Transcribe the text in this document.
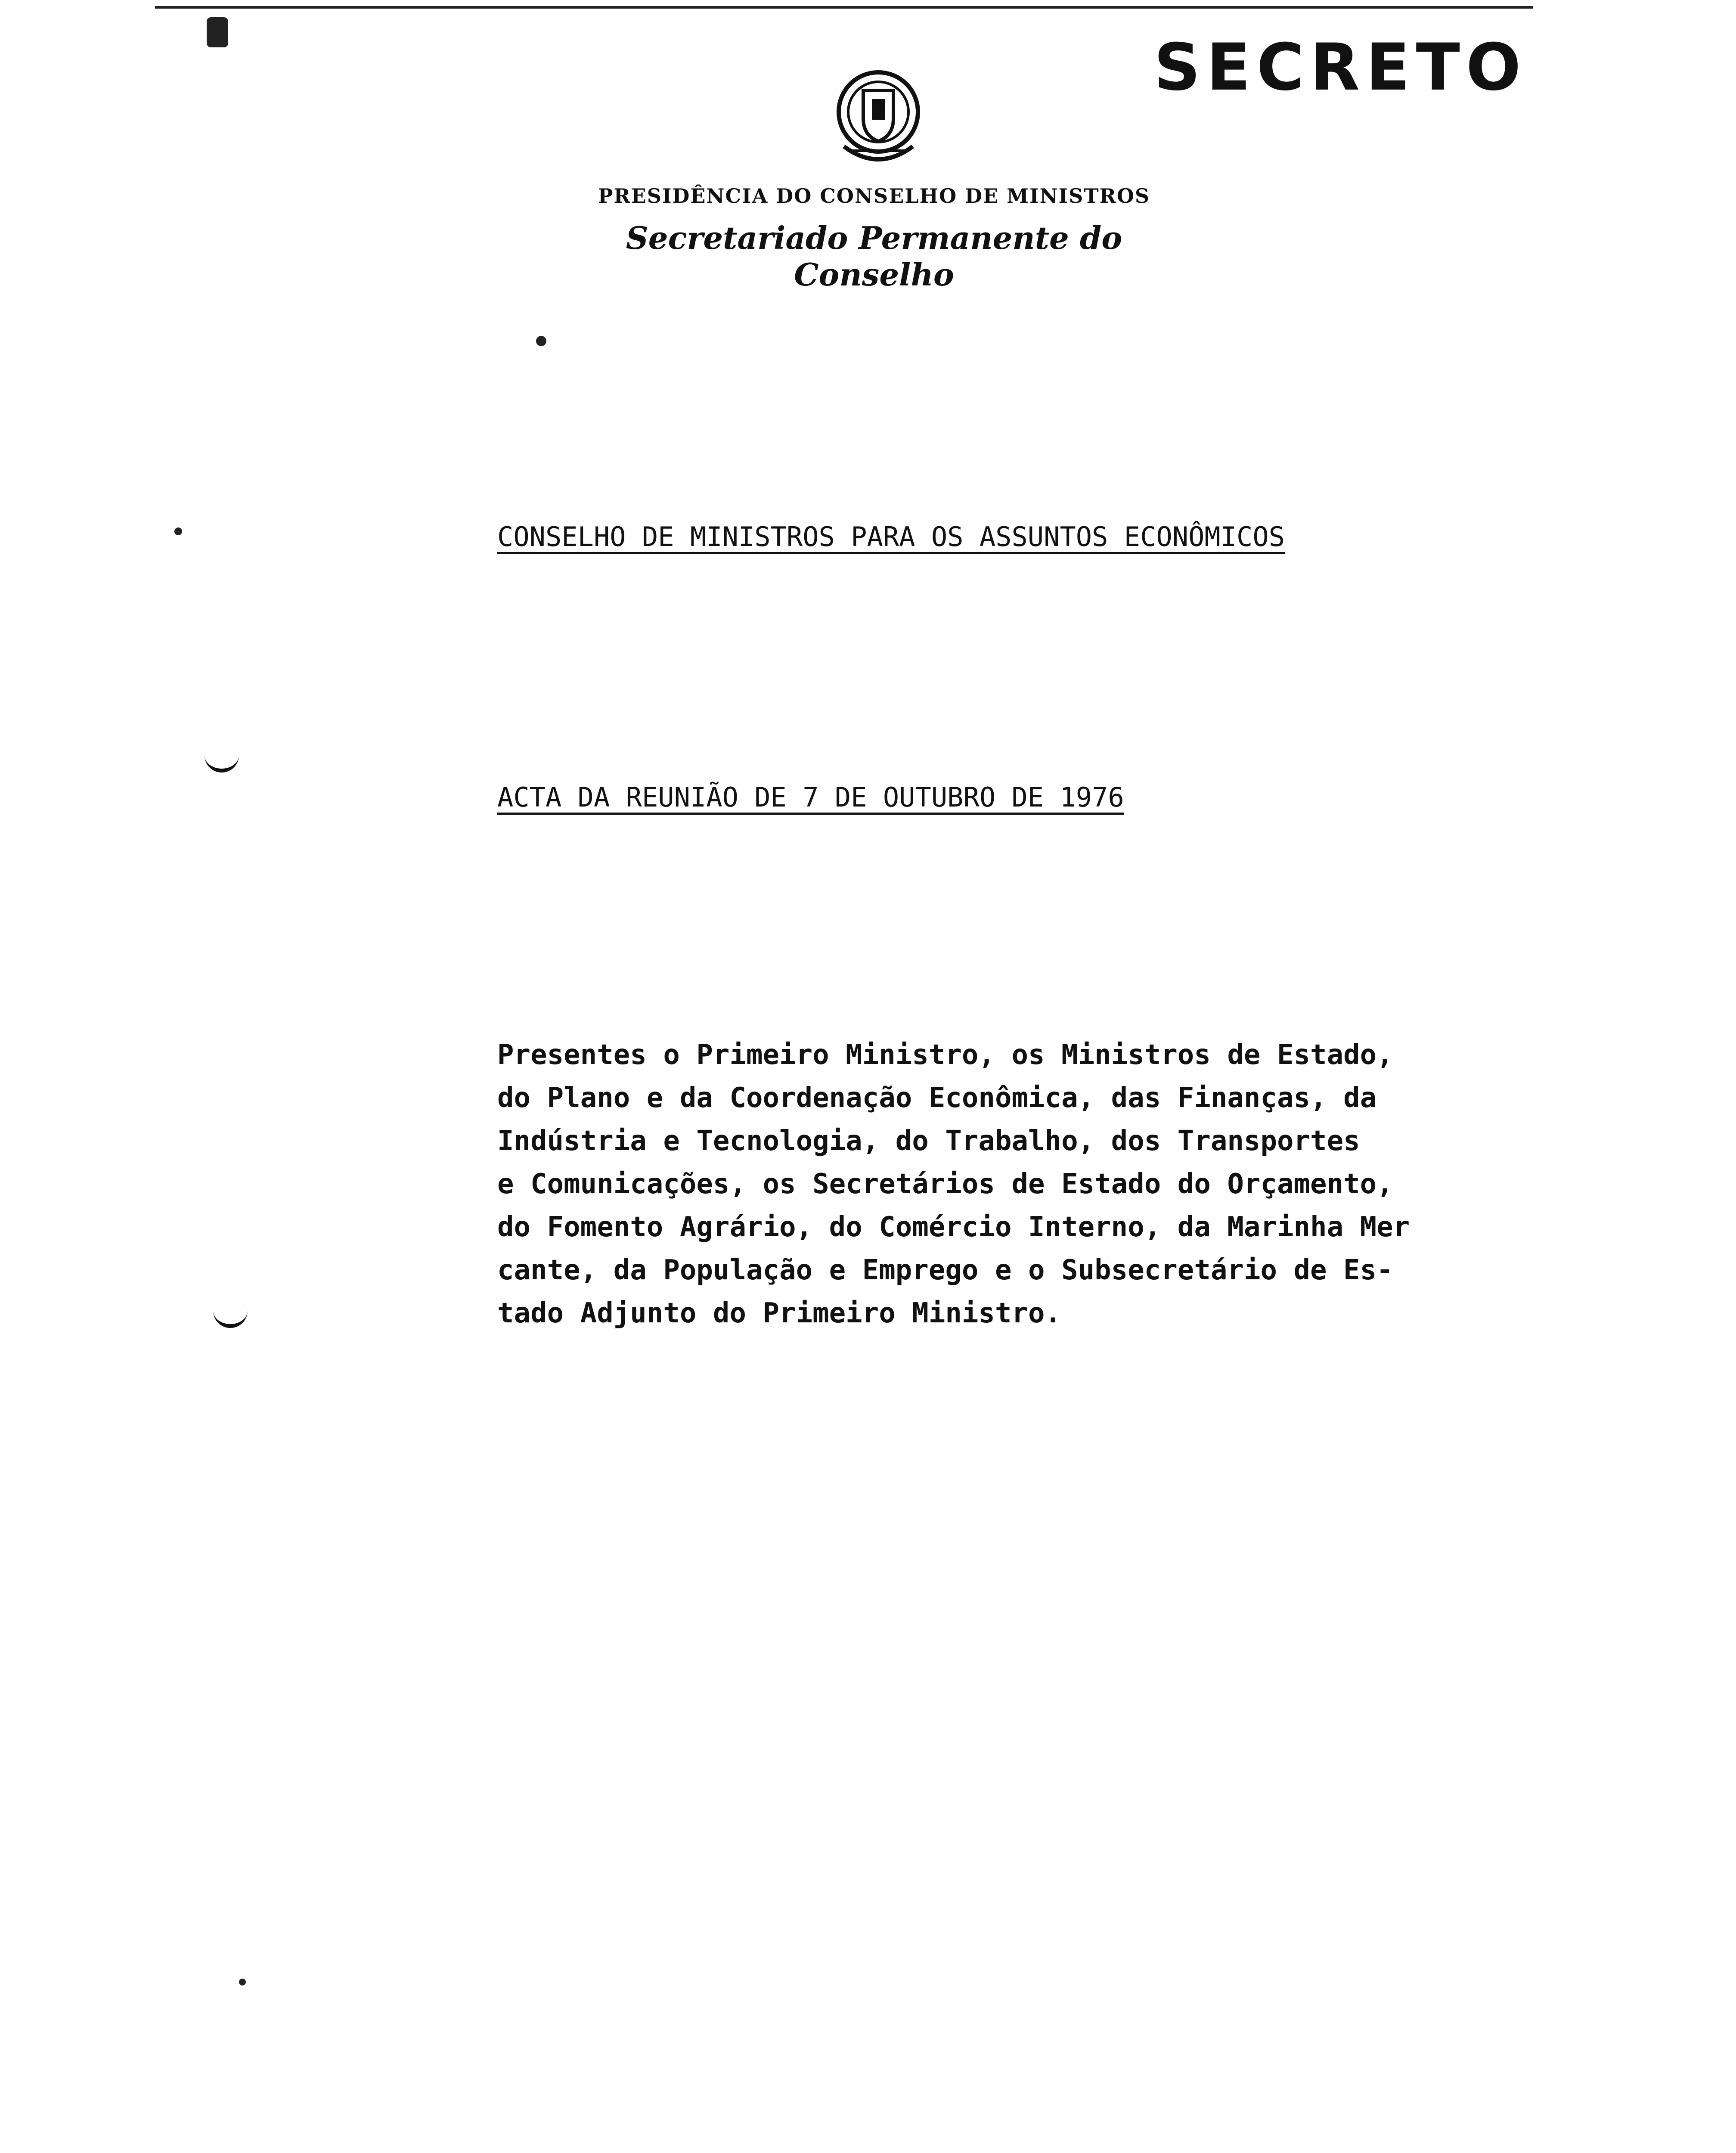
SECRETO
PRESIDÊNCIA DO CONSELHO DE MINISTROS
Secretariado Permanente do Conselho
CONSELHO DE MINISTROS PARA OS ASSUNTOS ECONÔMICOS
ACTA DA REUNIÃO DE 7 DE OUTUBRO DE 1976
Presentes o Primeiro Ministro, os Ministros de Estado,
do Plano e da Coordenação Econômica, das Finanças, da
Indústria e Tecnologia, do Trabalho, dos Transportes
e Comunicações, os Secretários de Estado do Orçamento,
do Fomento Agrário, do Comércio Interno, da Marinha Mer
cante, da População e Emprego e o Subsecretário de Es-
tado Adjunto do Primeiro Ministro.
